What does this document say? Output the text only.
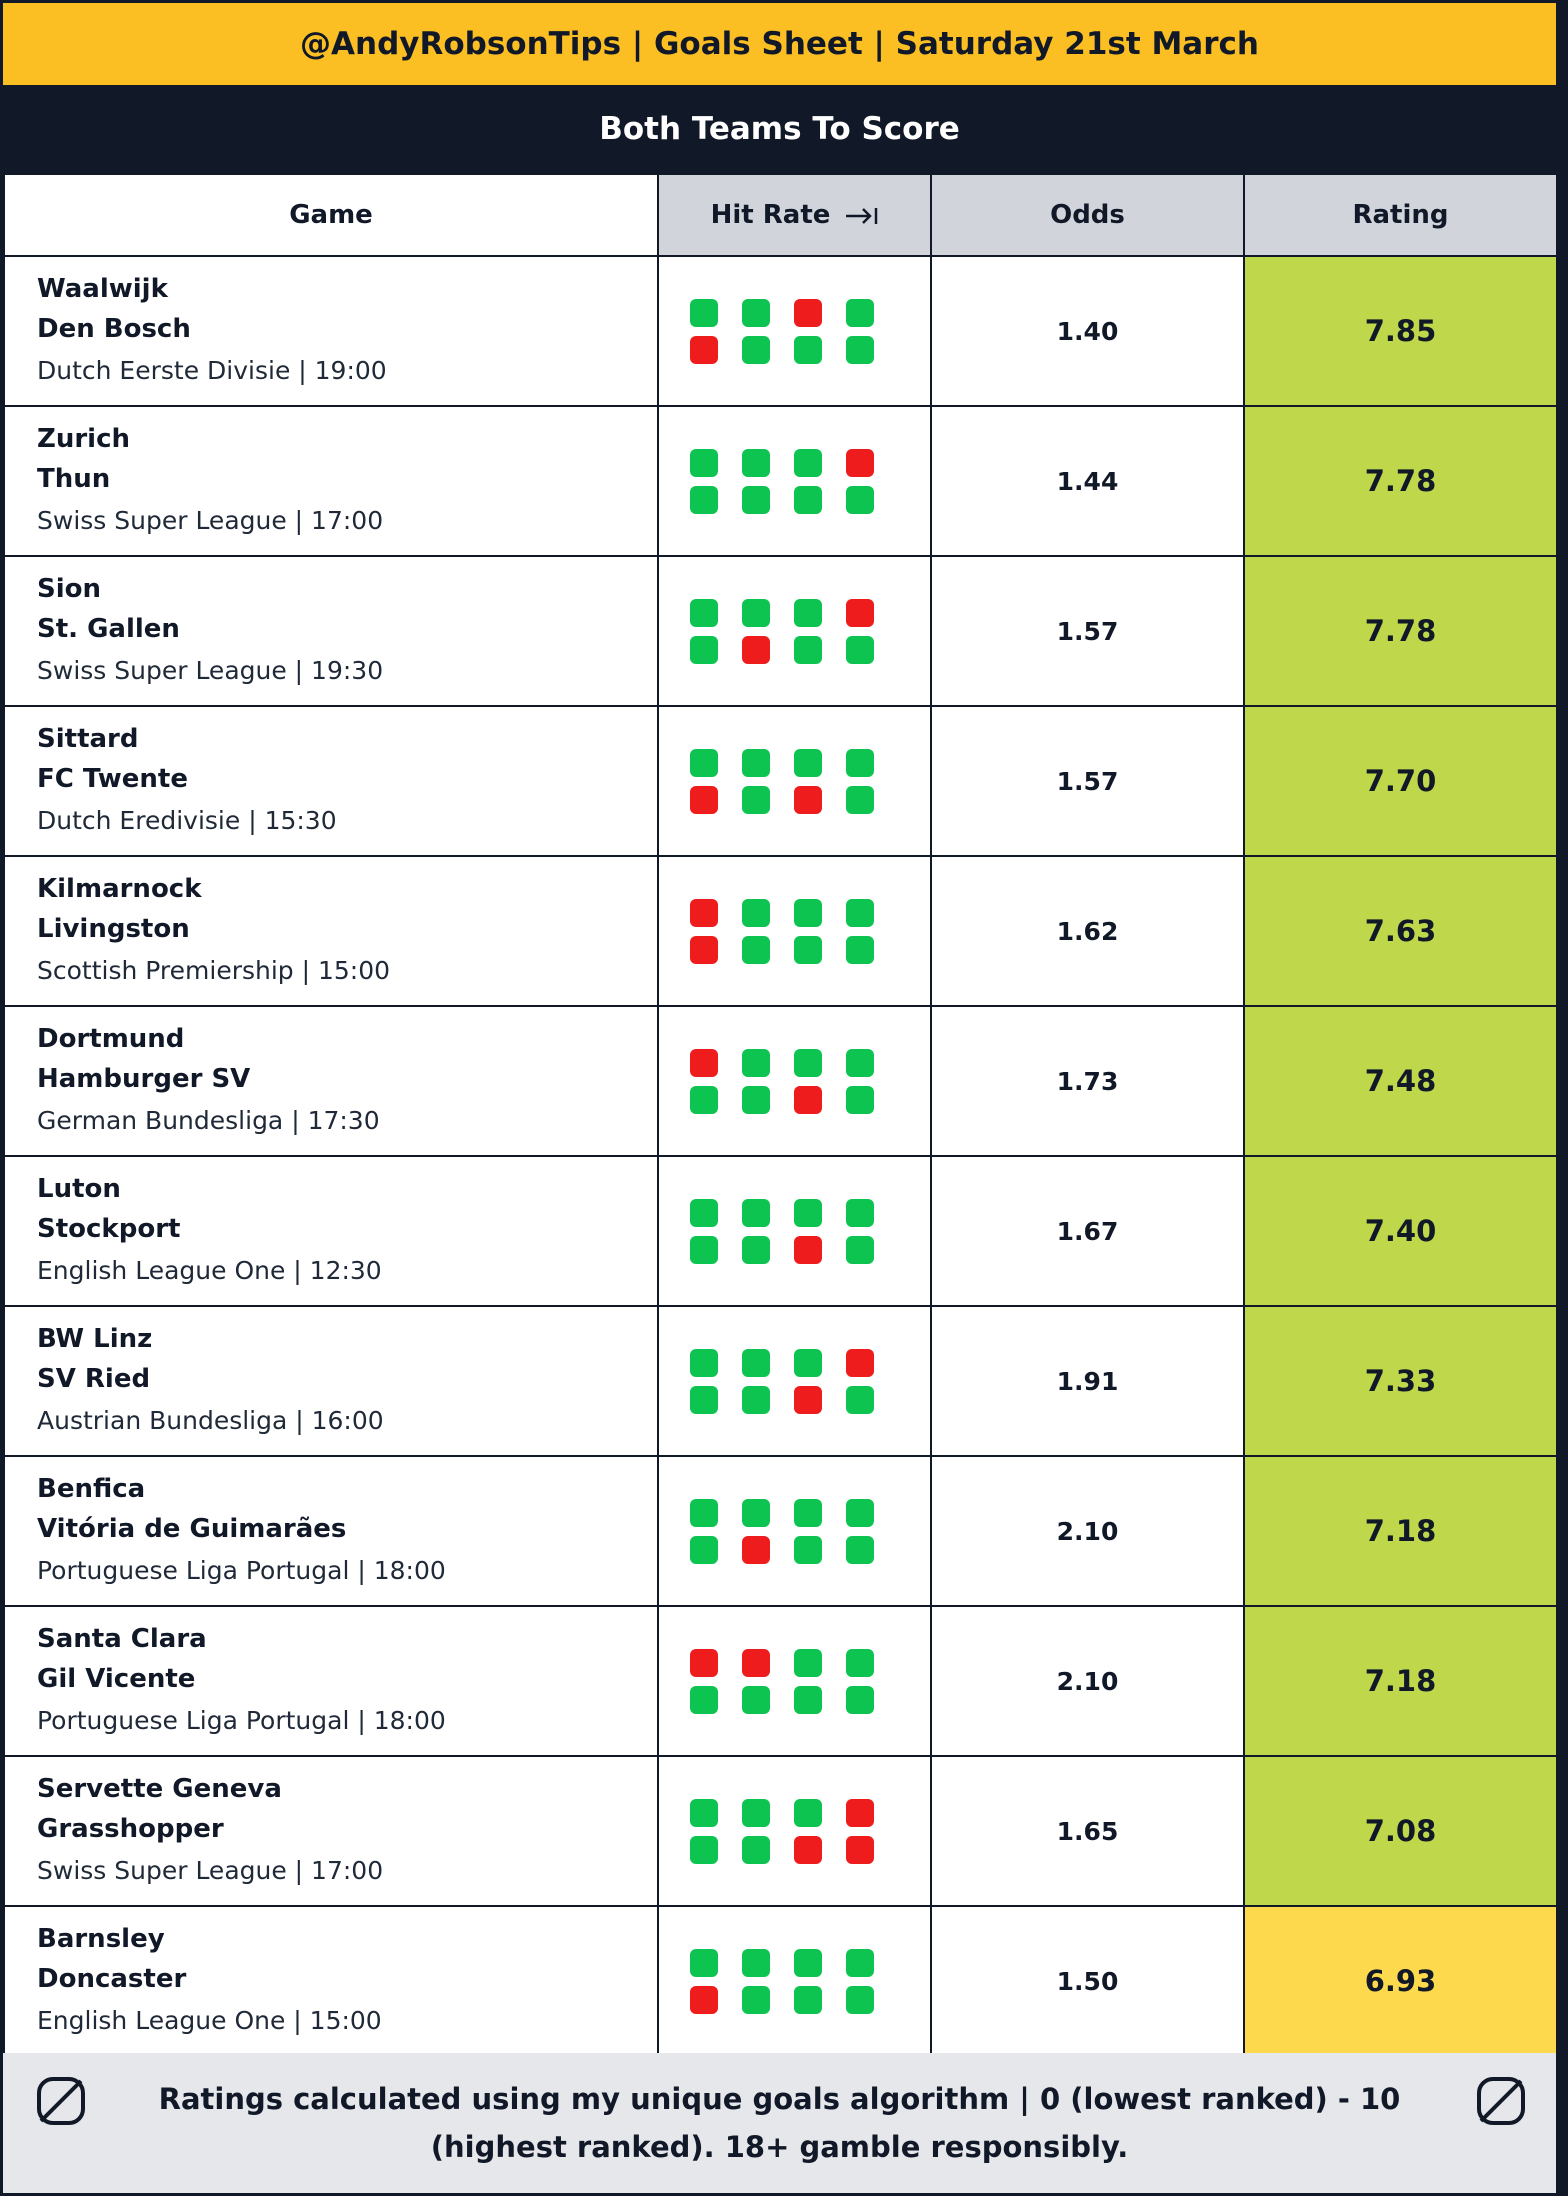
@AndyRobsonTips | Goals Sheet | Saturday 21st March
Both Teams To Score
Game	Hit Rate	Odds	Rating

Waalwijk
Den Bosch
Dutch Eerste Divisie | 19:00		1.40	7.85

Zurich
Thun
Swiss Super League | 17:00		1.44	7.78

Sion
St. Gallen
Swiss Super League | 19:30		1.57	7.78

Sittard
FC Twente
Dutch Eredivisie | 15:30		1.57	7.70

Kilmarnock
Livingston
Scottish Premiership | 15:00		1.62	7.63

Dortmund
Hamburger SV
German Bundesliga | 17:30		1.73	7.48

Luton
Stockport
English League One | 12:30		1.67	7.40

BW Linz
SV Ried
Austrian Bundesliga | 16:00		1.91	7.33

Benfica
Vitória de Guimarães
Portuguese Liga Portugal | 18:00		2.10	7.18

Santa Clara
Gil Vicente
Portuguese Liga Portugal | 18:00		2.10	7.18

Servette Geneva
Grasshopper
Swiss Super League | 17:00		1.65	7.08

Barnsley
Doncaster
English League One | 15:00		1.50	6.93
Ratings calculated using my unique goals algorithm | 0 (lowest ranked) - 10 (highest ranked). 18+ gamble responsibly.
